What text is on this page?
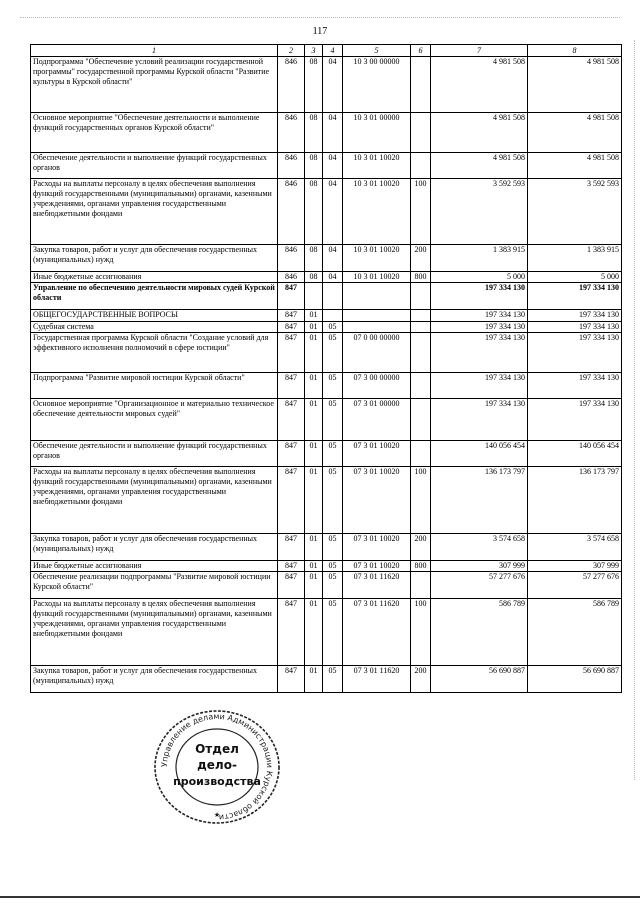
117
1	2	3	4	5	6	7	8
Подпрограмма "Обеспечение условий реализации государственной программы" государственной программы Курской области "Развитие культуры в Курской области"	846	08	04	10 3 00 00000		4 981 508	4 981 508
Основное мероприятие "Обеспечение деятельности и выполнение функций государственных органов Курской области"	846	08	04	10 3 01 00000		4 981 508	4 981 508
Обеспечение деятельности и выполнение функций государственных органов	846	08	04	10 3 01 10020		4 981 508	4 981 508
Расходы на выплаты персоналу в целях обеспечения выполнения функций государственными (муниципальными) органами, казенными учреждениями, органами управления государственными внебюджетными фондами	846	08	04	10 3 01 10020	100	3 592 593	3 592 593
Закупка товаров, работ и услуг для обеспечения государственных (муниципальных) нужд	846	08	04	10 3 01 10020	200	1 383 915	1 383 915
Иные бюджетные ассигнования	846	08	04	10 3 01 10020	800	5 000	5 000
Управление по обеспечению деятельности мировых судей Курской области	847					197 334 130	197 334 130
ОБЩЕГОСУДАРСТВЕННЫЕ ВОПРОСЫ	847	01				197 334 130	197 334 130
Судебная система	847	01	05			197 334 130	197 334 130
Государственная программа Курской области "Создание условий для эффективного исполнения полномочий в сфере юстиции"	847	01	05	07 0 00 00000		197 334 130	197 334 130
Подпрограмма "Развитие мировой юстиции Курской области"	847	01	05	07 3 00 00000		197 334 130	197 334 130
Основное мероприятие "Организационное и материально техническое обеспечение деятельности мировых судей"	847	01	05	07 3 01 00000		197 334 130	197 334 130
Обеспечение деятельности и выполнение функций государственных органов	847	01	05	07 3 01 10020		140 056 454	140 056 454
Расходы на выплаты персоналу в целях обеспечения выполнения функций государственными (муниципальными) органами, казенными учреждениями, органами управления государственными внебюджетными фондами	847	01	05	07 3 01 10020	100	136 173 797	136 173 797
Закупка товаров, работ и услуг для обеспечения государственных (муниципальных) нужд	847	01	05	07 3 01 10020	200	3 574 658	3 574 658
Иные бюджетные ассигнования	847	01	05	07 3 01 10020	800	307 999	307 999
Обеспечение реализации подпрограммы "Развитие мировой юстиции Курской области"	847	01	05	07 3 01 11620		57 277 676	57 277 676
Расходы на выплаты персоналу в целях обеспечения выполнения функций государственными (муниципальными) органами, казенными учреждениями, органами управления государственными внебюджетными фондами	847	01	05	07 3 01 11620	100	586 789	586 789
Закупка товаров, работ и услуг для обеспечения государственных (муниципальных) нужд	847	01	05	07 3 01 11620	200	56 690 887	56 690 887
Управление делами Администрации Курской области
Отдел
дело-
производства
★
